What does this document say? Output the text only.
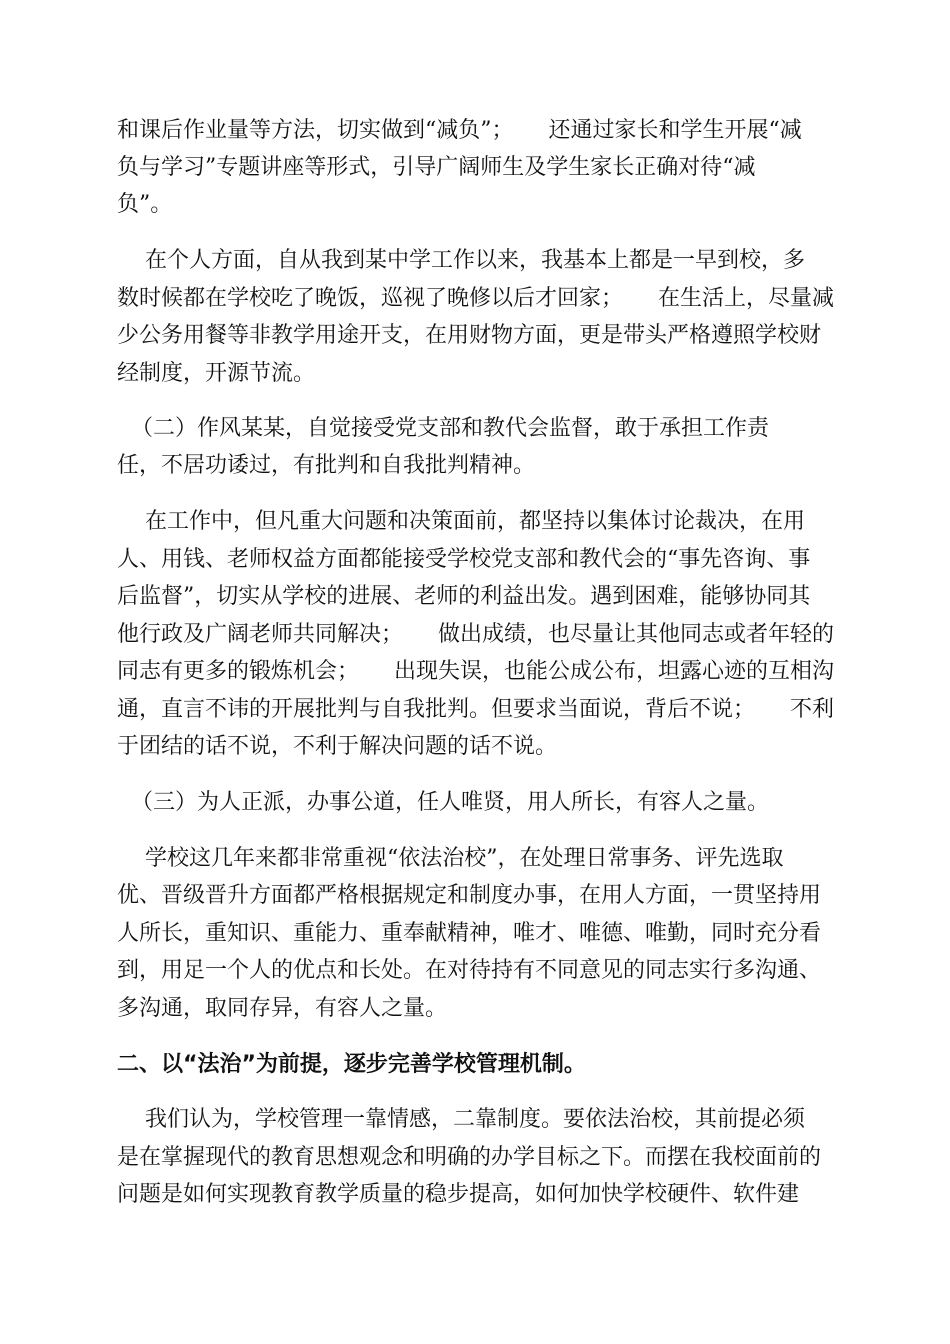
和课后作业量等方法，切实做到“减负”；     还通过家长和学生开展“减
负与学习”专题讲座等形式，引导广阔师生及学生家长正确对待“减
负”。
在个人方面，自从我到某中学工作以来，我基本上都是一早到校，多
数时候都在学校吃了晚饭，巡视了晚修以后才回家；     在生活上，尽量减
少公务用餐等非教学用途开支，在用财物方面，更是带头严格遵照学校财
经制度，开源节流。
（二）作风某某，自觉接受党支部和教代会监督，敢于承担工作责
任，不居功诿过，有批判和自我批判精神。
在工作中，但凡重大问题和决策面前，都坚持以集体讨论裁决，在用
人、用钱、老师权益方面都能接受学校党支部和教代会的“事先咨询、事
后监督”，切实从学校的进展、老师的利益出发。遇到困难，能够协同其
他行政及广阔老师共同解决；     做出成绩，也尽量让其他同志或者年轻的
同志有更多的锻炼机会；     出现失误，也能公成公布，坦露心迹的互相沟
通，直言不讳的开展批判与自我批判。但要求当面说，背后不说；     不利
于团结的话不说，不利于解决问题的话不说。
（三）为人正派，办事公道，任人唯贤，用人所长，有容人之量。
学校这几年来都非常重视“依法治校”，在处理日常事务、评先选取
优、晋级晋升方面都严格根据规定和制度办事，在用人方面，一贯坚持用
人所长，重知识、重能力、重奉献精神，唯才、唯德、唯勤，同时充分看
到，用足一个人的优点和长处。在对待持有不同意见的同志实行多沟通、
多沟通，取同存异，有容人之量。
二、以“法治”为前提，逐步完善学校管理机制。
我们认为，学校管理一靠情感，二靠制度。要依法治校，其前提必须
是在掌握现代的教育思想观念和明确的办学目标之下。而摆在我校面前的
问题是如何实现教育教学质量的稳步提高，如何加快学校硬件、软件建
